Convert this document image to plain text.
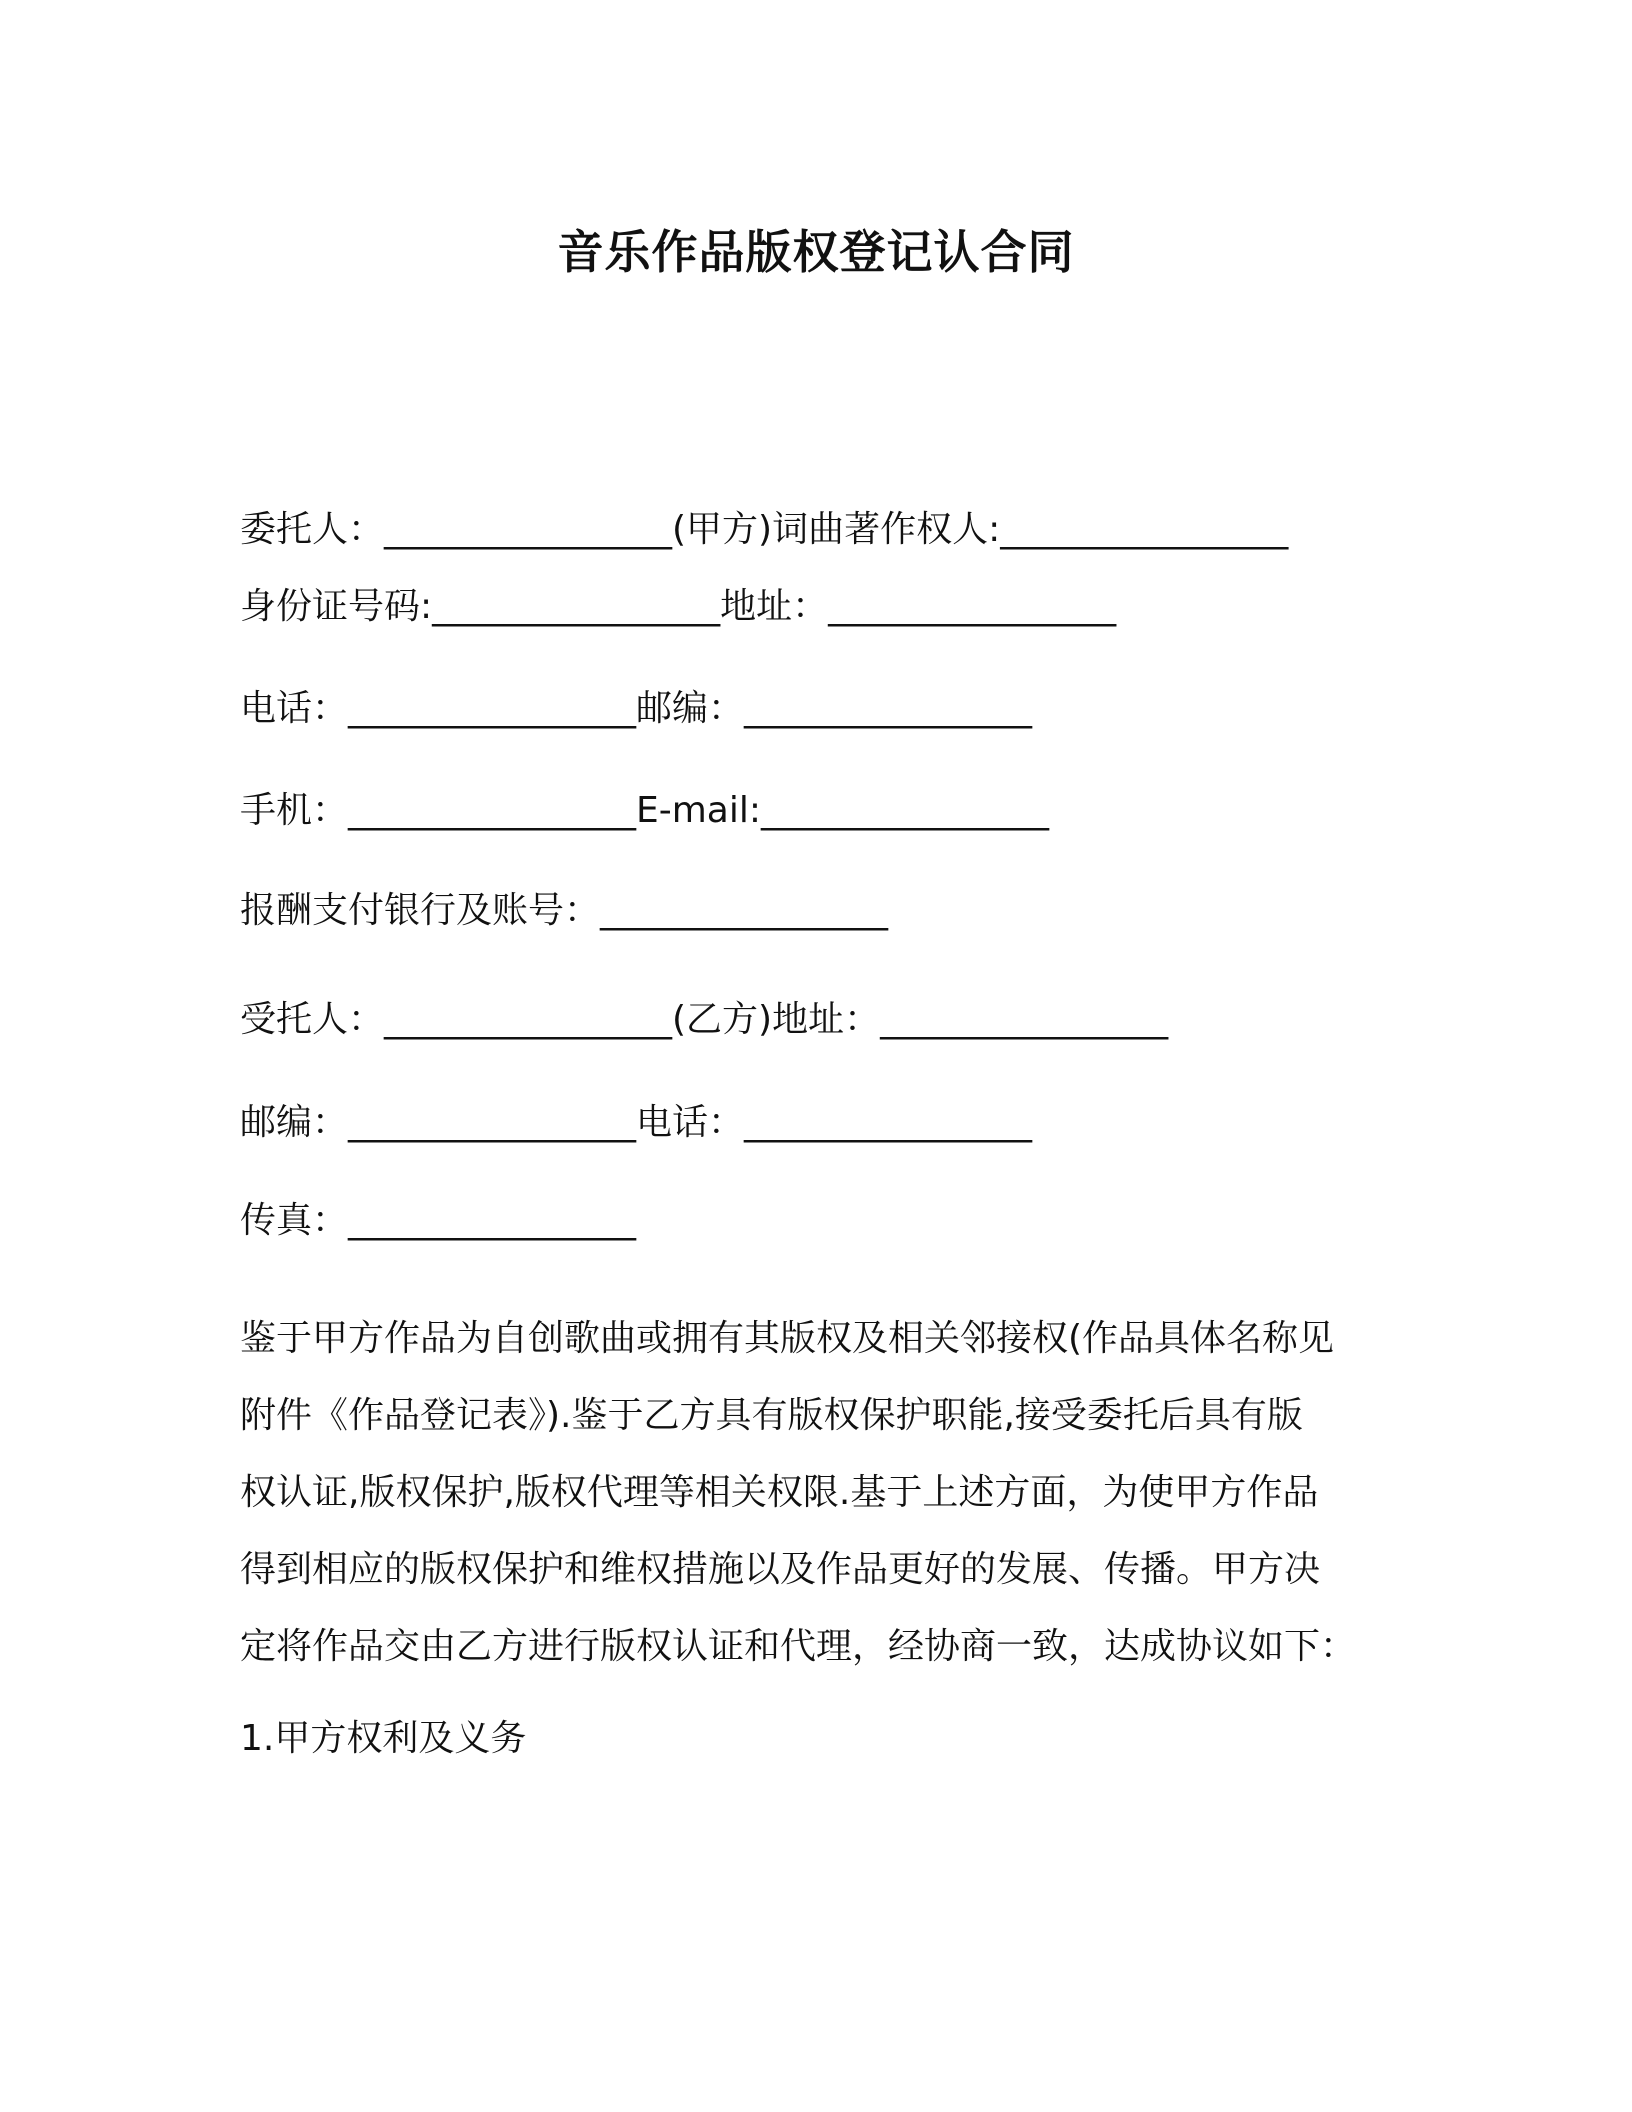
音乐作品版权登记认合同

委托人：________________(甲方)词曲著作权人:________________

身份证号码:________________地址：________________

电话：________________邮编：________________

手机：________________E-mail:________________

报酬支付银行及账号：________________

受托人：________________(乙方)地址：________________

邮编：________________电话：________________

传真：________________

鉴于甲方作品为自创歌曲或拥有其版权及相关邻接权(作品具体名称见
附件《作品登记表》).鉴于乙方具有版权保护职能,接受委托后具有版
权认证,版权保护,版权代理等相关权限.基于上述方面，为使甲方作品
得到相应的版权保护和维权措施以及作品更好的发展、传播。甲方决
定将作品交由乙方进行版权认证和代理，经协商一致，达成协议如下：

1.甲方权利及义务
